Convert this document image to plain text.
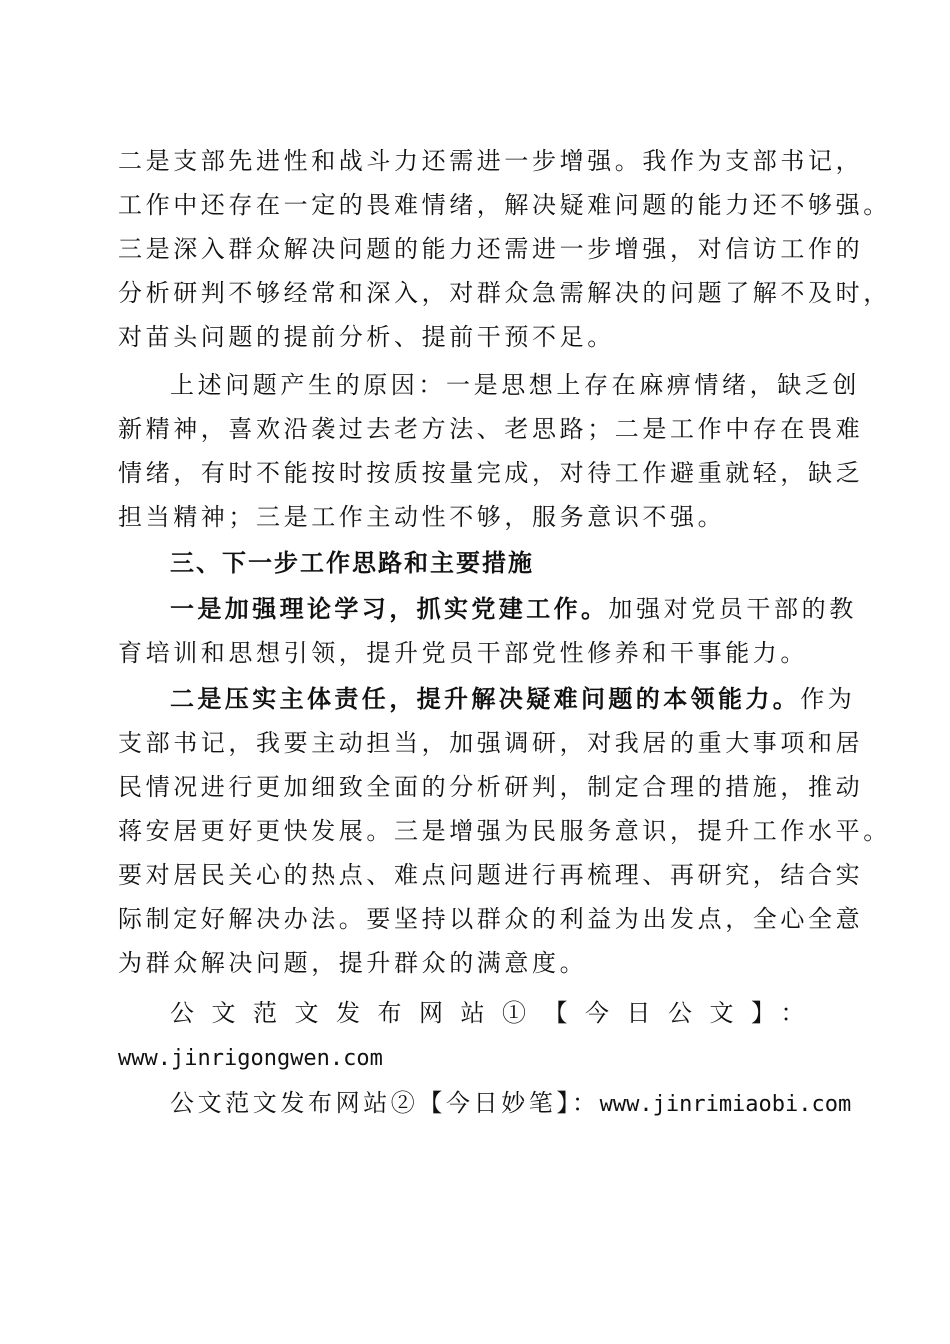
二是支部先进性和战斗力还需进一步增强。我作为支部书记，
工作中还存在一定的畏难情绪，解决疑难问题的能力还不够强。
三是深入群众解决问题的能力还需进一步增强，对信访工作的
分析研判不够经常和深入，对群众急需解决的问题了解不及时，
对苗头问题的提前分析、提前干预不足。
上述问题产生的原因：一是思想上存在麻痹情绪，缺乏创
新精神，喜欢沿袭过去老方法、老思路；二是工作中存在畏难
情绪，有时不能按时按质按量完成，对待工作避重就轻，缺乏
担当精神；三是工作主动性不够，服务意识不强。
三、下一步工作思路和主要措施
一是加强理论学习，抓实党建工作。加强对党员干部的教
育培训和思想引领，提升党员干部党性修养和干事能力。
二是压实主体责任，提升解决疑难问题的本领能力。作为
支部书记，我要主动担当，加强调研，对我居的重大事项和居
民情况进行更加细致全面的分析研判，制定合理的措施，推动
蒋安居更好更快发展。三是增强为民服务意识，提升工作水平。
要对居民关心的热点、难点问题进行再梳理、再研究，结合实
际制定好解决办法。要坚持以群众的利益为出发点，全心全意
为群众解决问题，提升群众的满意度。
公文范文发布网站①【今日公文】：
www.jinrigongwen.com
公文范文发布网站②【今日妙笔】：www.jinrimiaobi.com
